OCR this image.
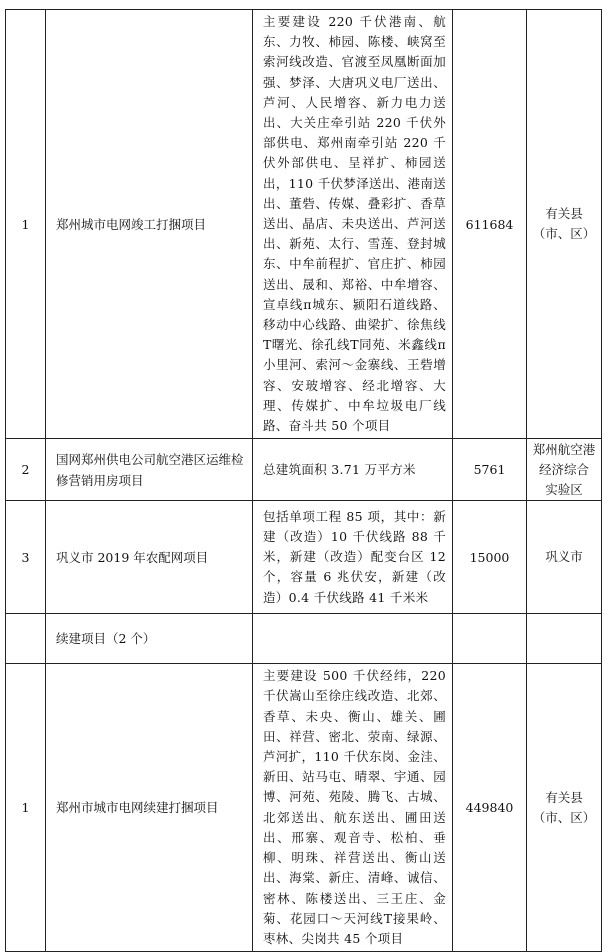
1	郑州城市电网竣工打捆项目	主要建设 220 千伏港南、航东、力牧、柿园、陈楼、峡窝至索河线改造、官渡至凤凰断面加强、梦泽、大唐巩义电厂送出、芦河、人民增容、新力电力送出、大关庄牵引站 220 千伏外部供电、郑州南牵引站 220 千伏外部供电、呈祥扩、柿园送出，110 千伏梦泽送出、港南送出、董砦、传媒、叠彩扩、香草送出、晶店、未央送出、芦河送出、新苑、太行、雪莲、登封城东、中牟前程扩、官庄扩、柿园送出、晟和、郑裕、中牟增容、宣卓线π城东、颍阳石道线路、移动中心线路、曲梁扩、徐焦线T曙光、徐孔线T同苑、米鑫线π小里河、索河～金寨线、王砦增容、安玻增容、经北增容、大理、传媒扩、中牟垃圾电厂线路、奋斗共 50 个项目	611684	有关县
（市、区）

2	国网郑州供电公司航空港区运维检修营销用房项目	总建筑面积 3.71 万平方米	5761	郑州航空港
经济综合
实验区

3	巩义市 2019 年农配网项目	包括单项工程 85 项，其中：新建（改造）10 千伏线路 88 千米，新建（改造）配变台区 12 个，容量 6 兆伏安，新建（改造）0.4 千伏线路 41 千米米	15000	巩义市

	续建项目（2 个）			
1	郑州市城市电网续建打捆项目	主要建设 500 千伏经纬，220 千伏嵩山至徐庄线改造、北郊、香草、未央、衡山、雄关、圃田、祥营、密北、荥南、绿源、芦河扩，110 千伏东岗、金洼、新田、站马屯、晴翠、宇通、园博、河苑、苑陵、腾飞、古城、北郊送出、航东送出、圃田送出、邢寨、观音寺、松柏、垂柳、明珠、祥营送出、衡山送出、海棠、新庄、清峰、诚信、密林、陈楼送出、三王庄、金菊、花园口～天河线T接果岭、枣林、尖岗共 45 个项目	449840	有关县
（市、区）
